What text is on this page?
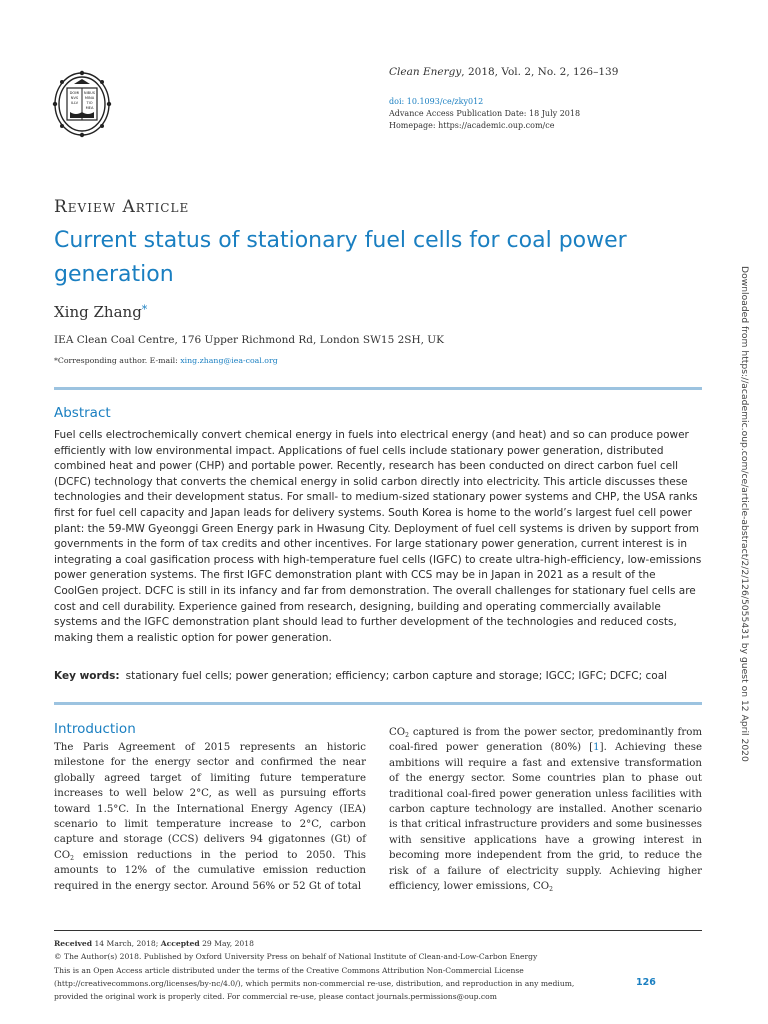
DOMI
NVS
ILLV
NIBUS
MINA
TIO
MEA
Clean Energy, 2018, Vol. 2, No. 2, 126–139
doi: 10.1093/ce/zky012
Advance Access Publication Date: 18 July 2018
Homepage: https://academic.oup.com/ce
Review Article
Current status of stationary fuel cells for coal power generation
Xing Zhang*
IEA Clean Coal Centre, 176 Upper Richmond Rd, London SW15 2SH, UK
*Corresponding author. E-mail: xing.zhang@iea-coal.org
Abstract

Fuel cells electrochemically convert chemical energy in fuels into electrical energy (and heat) and so can produce power efficiently with low environmental impact. Applications of fuel cells include stationary power generation, distributed combined heat and power (CHP) and portable power. Recently, research has been conducted on direct carbon fuel cell (DCFC) technology that converts the chemical energy in solid carbon directly into electricity. This article discusses these technologies and their development status. For small- to medium-sized stationary power systems and CHP, the USA ranks first for fuel cell capacity and Japan leads for delivery systems. South Korea is home to the world’s largest fuel cell power plant: the 59-MW Gyeonggi Green Energy park in Hwasung City. Deployment of fuel cell systems is driven by support from governments in the form of tax credits and other incentives. For large stationary power generation, current interest is in integrating a coal gasification process with high-temperature fuel cells (IGFC) to create ultra-high-efficiency, low-emissions power generation systems. The first IGFC demonstration plant with CCS may be in Japan in 2021 as a result of the CoolGen project. DCFC is still in its infancy and far from demonstration. The overall challenges for stationary fuel cells are cost and cell durability. Experience gained from research, designing, building and operating commercially available systems and the IGFC demonstration plant should lead to further development of the technologies and reduced costs, making them a realistic option for power generation.

Key words: stationary fuel cells; power generation; efficiency; carbon capture and storage; IGCC; IGFC; DCFC; coal
Introduction
The Paris Agreement of 2015 represents an historic milestone for the energy sector and confirmed the near globally agreed target of limiting future temperature increases to well below 2°C, as well as pursuing efforts toward 1.5°C. In the International Energy Agency (IEA) scenario to limit temperature increase to 2°C, carbon capture and storage (CCS) delivers 94 gigatonnes (Gt) of $CO_2$ emission reductions in the period to 2050. This amounts to 12% of the cumulative emission reduction required in the energy sector. Around 56% or 52 Gt of total
$CO_2$ captured is from the power sector, predominantly from coal-fired power generation (80%) [1]. Achieving these ambitions will require a fast and extensive transformation of the energy sector. Some countries plan to phase out traditional coal-fired power generation unless facilities with carbon capture technology are installed. Another scenario is that critical infrastructure providers and some businesses with sensitive applications have a growing interest in becoming more independent from the grid, to reduce the risk of a failure of electricity supply. Achieving higher efficiency, lower emissions, $CO_2$
Received 14 March, 2018; Accepted 29 May, 2018
© The Author(s) 2018. Published by Oxford University Press on behalf of National Institute of Clean-and-Low-Carbon Energy
This is an Open Access article distributed under the terms of the Creative Commons Attribution Non-Commercial License
(http://creativecommons.org/licenses/by-nc/4.0/), which permits non-commercial re-use, distribution, and reproduction in any medium,
provided the original work is properly cited. For commercial re-use, please contact journals.permissions@oup.com
126
Downloaded from https://academic.oup.com/ce/article-abstract/2/2/126/5055431 by guest on 12 April 2020
